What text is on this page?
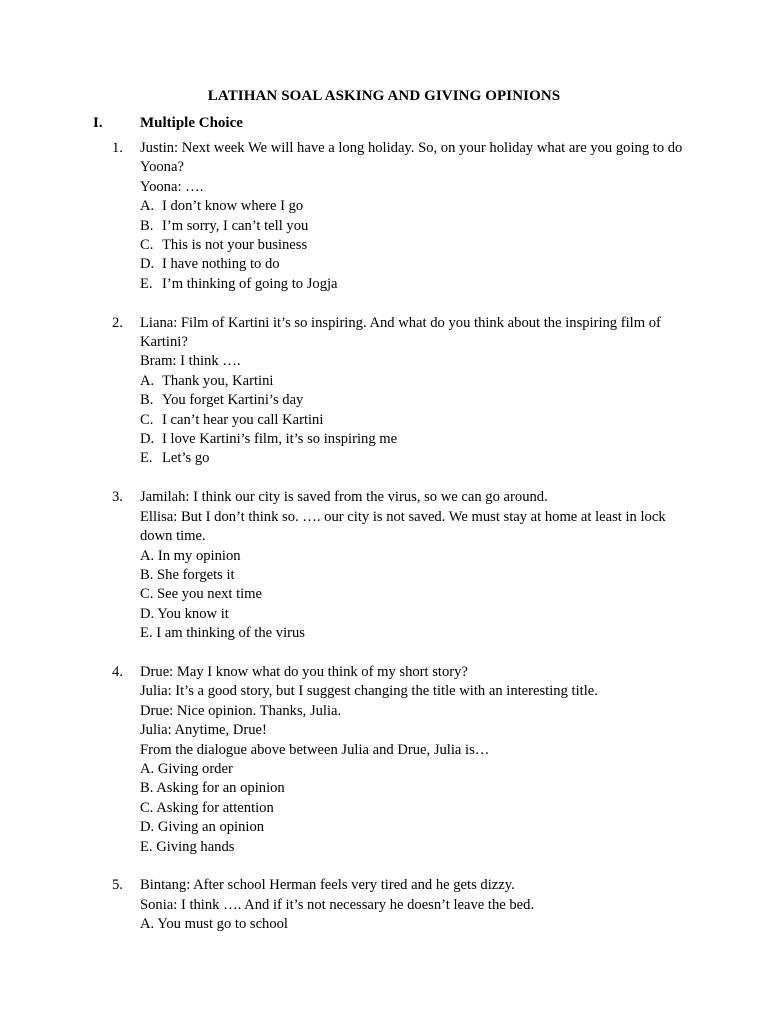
LATIHAN SOAL ASKING AND GIVING OPINIONS
I. Multiple Choice
1.	Justin: Next week We will have a long holiday. So, on your holiday what are you going to do Yoona?
Yoona: ….
A. I don’t know where I go
B. I’m sorry, I can’t tell you
C. This is not your business
D. I have nothing to do
E. I’m thinking of going to Jogja
2.	Liana: Film of Kartini it’s so inspiring. And what do you think about the inspiring film of Kartini?
Bram: I think ….
A. Thank you, Kartini
B. You forget Kartini’s day
C. I can’t hear you call Kartini
D. I love Kartini’s film, it’s so inspiring me
E. Let’s go
3.	Jamilah: I think our city is saved from the virus, so we can go around.
Ellisa: But I don’t think so. …. our city is not saved. We must stay at home at least in lock down time.
A. In my opinion
B. She forgets it
C. See you next time
D. You know it
E. I am thinking of the virus
4.	Drue: May I know what do you think of my short story?
Julia: It’s a good story, but I suggest changing the title with an interesting title.
Drue: Nice opinion. Thanks, Julia.
Julia: Anytime, Drue!
From the dialogue above between Julia and Drue, Julia is…
A. Giving order
B. Asking for an opinion
C. Asking for attention
D. Giving an opinion
E. Giving hands
5.	Bintang: After school Herman feels very tired and he gets dizzy.
Sonia: I think …. And if it’s not necessary he doesn’t leave the bed.
A. You must go to school
